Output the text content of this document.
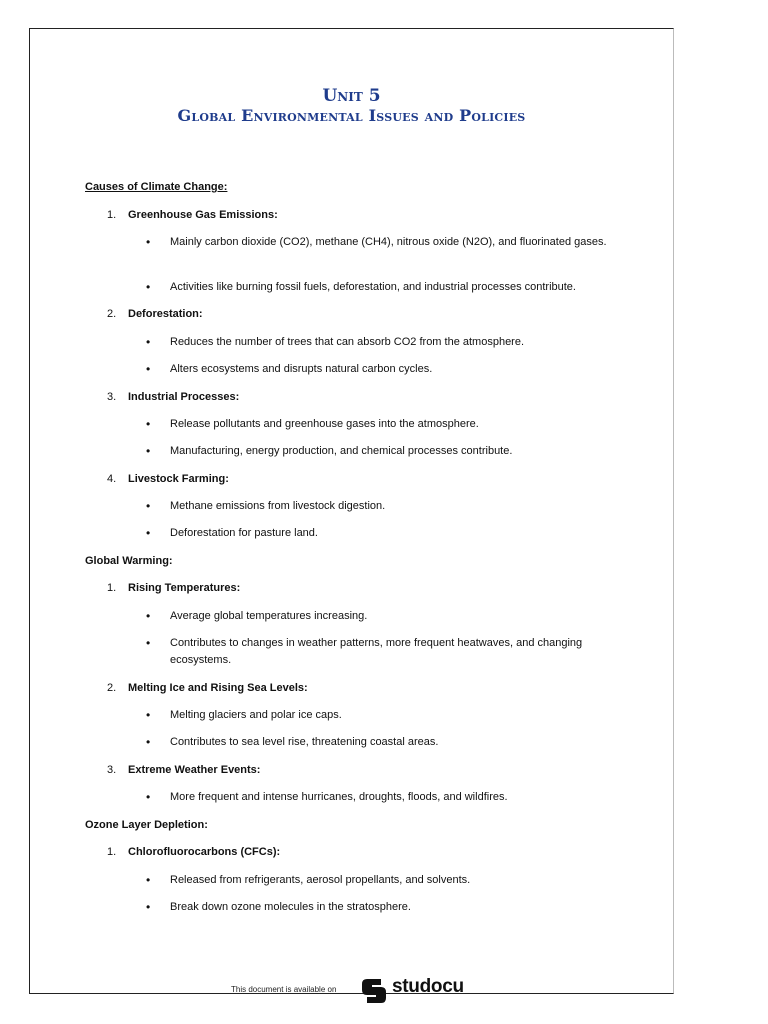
Unit 5
Global Environmental Issues and Policies
Causes of Climate Change:
1.	Greenhouse Gas Emissions:
• Mainly carbon dioxide (CO2), methane (CH4), nitrous oxide (N2O), and fluorinated gases.
• Activities like burning fossil fuels, deforestation, and industrial processes contribute.
2.	Deforestation:
• Reduces the number of trees that can absorb CO2 from the atmosphere.
• Alters ecosystems and disrupts natural carbon cycles.
3.	Industrial Processes:
• Release pollutants and greenhouse gases into the atmosphere.
• Manufacturing, energy production, and chemical processes contribute.
4.	Livestock Farming:
• Methane emissions from livestock digestion.
• Deforestation for pasture land.
Global Warming:
1.	Rising Temperatures:
• Average global temperatures increasing.
• Contributes to changes in weather patterns, more frequent heatwaves, and changing ecosystems.
2.	Melting Ice and Rising Sea Levels:
• Melting glaciers and polar ice caps.
• Contributes to sea level rise, threatening coastal areas.
3.	Extreme Weather Events:
• More frequent and intense hurricanes, droughts, floods, and wildfires.
Ozone Layer Depletion:
1.	Chlorofluorocarbons (CFCs):
• Released from refrigerants, aerosol propellants, and solvents.
• Break down ozone molecules in the stratosphere.
This document is available on	studocu
